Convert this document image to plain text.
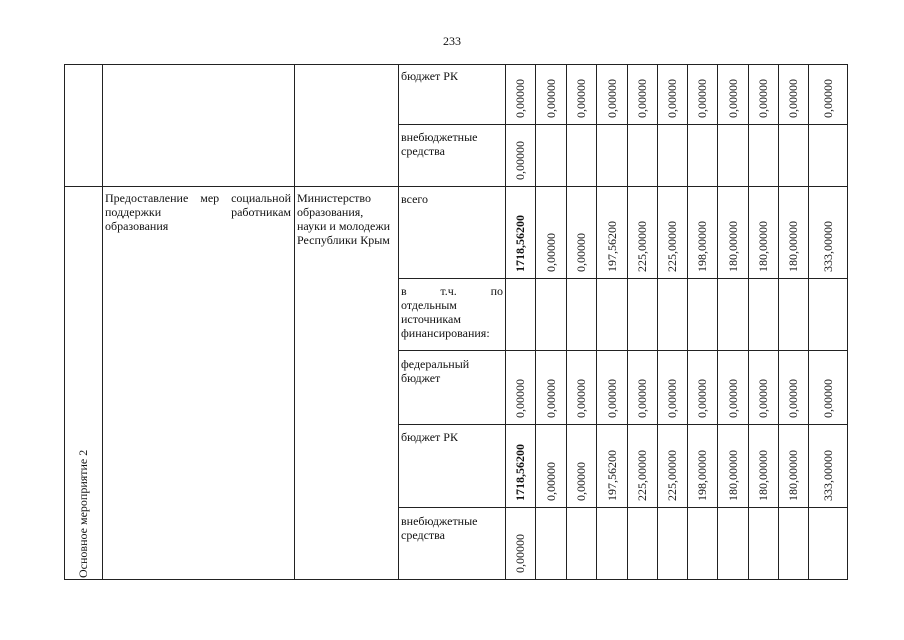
233
Основное мероприятие 2
Предоставление мер социальной
поддержки работникам
образования
Министерство
образования,
науки и молодежи
Республики Крым
бюджет РК
внебюджетные
средства
всего
в	т.ч.	по
отдельным
источникам
финансирования:
федеральный
бюджет
бюджет РК
внебюджетные
средства
0,00000 0,00000 0,00000 0,00000 0,00000 0,00000 0,00000 0,00000 0,00000 0,00000 0,00000
0,00000
1718,56200 0,00000 0,00000 197,56200 225,00000 225,00000 198,00000 180,00000 180,00000 180,00000 333,00000
0,00000 0,00000 0,00000 0,00000 0,00000 0,00000 0,00000 0,00000 0,00000 0,00000 0,00000
1718,56200 0,00000 0,00000 197,56200 225,00000 225,00000 198,00000 180,00000 180,00000 180,00000 333,00000
0,00000
